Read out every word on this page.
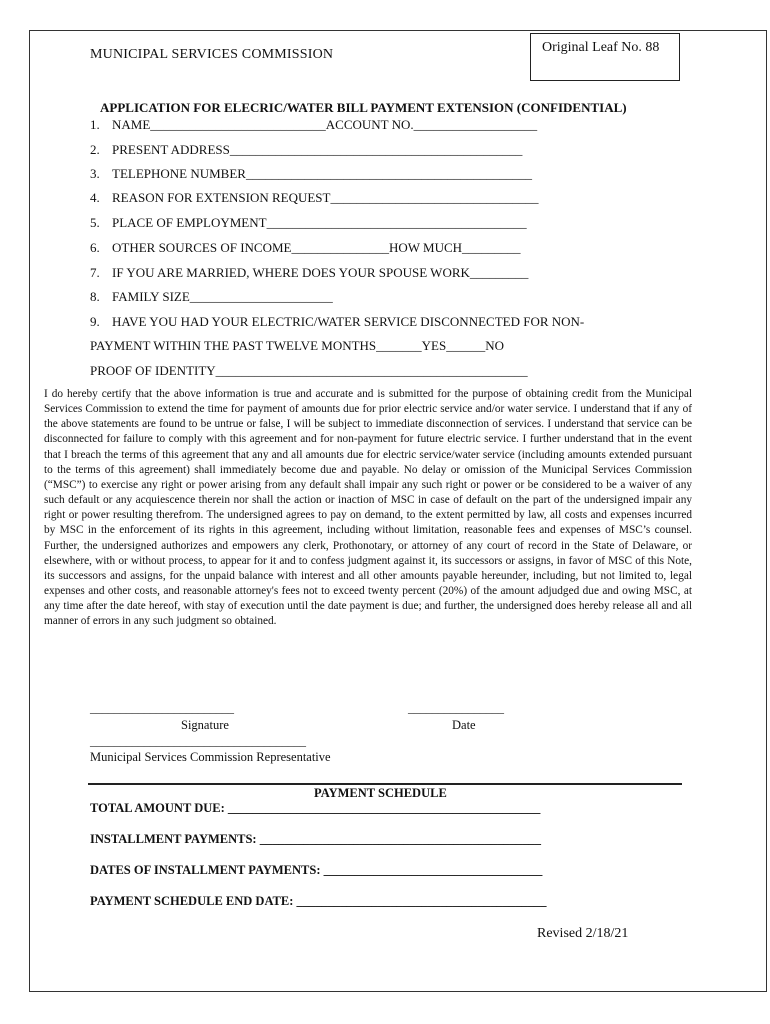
MUNICIPAL SERVICES COMMISSION	Original Leaf No. 88
APPLICATION FOR ELECRIC/WATER BILL PAYMENT EXTENSION (CONFIDENTIAL)
1. NAME___________________________ACCOUNT NO.___________________
2. PRESENT ADDRESS_____________________________________________
3. TELEPHONE NUMBER____________________________________________
4. REASON FOR EXTENSION REQUEST________________________________
5. PLACE OF EMPLOYMENT________________________________________
6. OTHER SOURCES OF INCOME_______________HOW MUCH_________
7. IF YOU ARE MARRIED, WHERE DOES YOUR SPOUSE WORK_________
8. FAMILY SIZE______________________
9. HAVE YOU HAD YOUR ELECTRIC/WATER SERVICE DISCONNECTED FOR NON-
PAYMENT WITHIN THE PAST TWELVE MONTHS_______YES______NO
PROOF OF IDENTITY________________________________________________
I do hereby certify that the above information is true and accurate and is submitted for the purpose of obtaining credit from the Municipal Services Commission to extend the time for payment of amounts due for prior electric service and/or water service. I understand that if any of the above statements are found to be untrue or false, I will be subject to immediate disconnection of services. I understand that service can be disconnected for failure to comply with this agreement and for non-payment for future electric service. I further understand that in the event that I breach the terms of this agreement that any and all amounts due for electric service/water service (including amounts extended pursuant to the terms of this agreement) shall immediately become due and payable. No delay or omission of the Municipal Services Commission (“MSC”) to exercise any right or power arising from any default shall impair any such right or power or be considered to be a waiver of any such default or any acquiescence therein nor shall the action or inaction of MSC in case of default on the part of the undersigned impair any right or power resulting therefrom. The undersigned agrees to pay on demand, to the extent permitted by law, all costs and expenses incurred by MSC in the enforcement of its rights in this agreement, including without limitation, reasonable fees and expenses of MSC’s counsel. Further, the undersigned authorizes and empowers any clerk, Prothonotary, or attorney of any court of record in the State of Delaware, or elsewhere, with or without process, to appear for it and to confess judgment against it, its successors or assigns, in favor of MSC of this Note, its successors and assigns, for the unpaid balance with interest and all other amounts payable hereunder, including, but not limited to, legal expenses and other costs, and reasonable attorney's fees not to exceed twenty percent (20%) of the amount adjudged due and owing MSC, at any time after the date hereof, with stay of execution until the date payment is due; and further, the undersigned does hereby release all and all manner of errors in any such judgment so obtained.
________________________
Signature
________________
Date
____________________________________
Municipal Services Commission Representative
PAYMENT SCHEDULE
TOTAL AMOUNT DUE: __________________________________________________
INSTALLMENT PAYMENTS: _____________________________________________
DATES OF INSTALLMENT PAYMENTS: ___________________________________
PAYMENT SCHEDULE END DATE: ________________________________________
Revised 2/18/21
